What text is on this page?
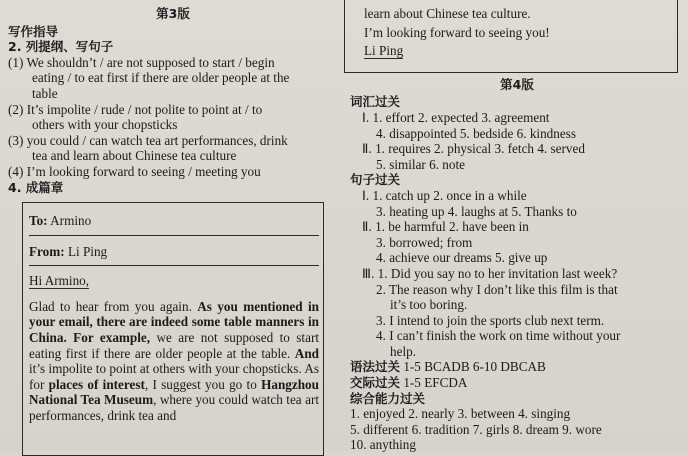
第3版
写作指导
2. 列提纲、写句子
(1) We shouldn’t / are not supposed to start / begin
eating / to eat first if there are older people at the
table
(2) It’s impolite / rude / not polite to point at / to
others with your chopsticks
(3) you could / can watch tea art performances, drink
tea and learn about Chinese tea culture
(4) I’m looking forward to seeing / meeting you
4. 成篇章
To: Armino
From: Li Ping
Hi Armino,
Glad to hear from you again. As you mentioned in your email, there are indeed some table manners in China. For example, we are not supposed to start eating first if there are older people at the table. And it’s impolite to point at others with your chopsticks. As for places of interest, I suggest you go to Hangzhou National Tea Museum, where you could watch tea art performances, drink tea and
learn about Chinese tea culture.
I’m looking forward to seeing you!
Li Ping
第4版
词汇过关
Ⅰ. 1. effort 2. expected 3. agreement
4. disappointed 5. bedside 6. kindness
Ⅱ. 1. requires 2. physical 3. fetch 4. served
5. similar 6. note
句子过关
Ⅰ. 1. catch up 2. once in a while
3. heating up 4. laughs at 5. Thanks to
Ⅱ. 1. be harmful 2. have been in
3. borrowed; from
4. achieve our dreams 5. give up
Ⅲ. 1. Did you say no to her invitation last week?
2. The reason why I don’t like this film is that
it’s too boring.
3. I intend to join the sports club next term.
4. I can’t finish the work on time without your
help.
语法过关 1-5 BCADB 6-10 DBCAB
交际过关 1-5 EFCDA
综合能力过关
1. enjoyed 2. nearly 3. between 4. singing
5. different 6. tradition 7. girls 8. dream 9. wore
10. anything
